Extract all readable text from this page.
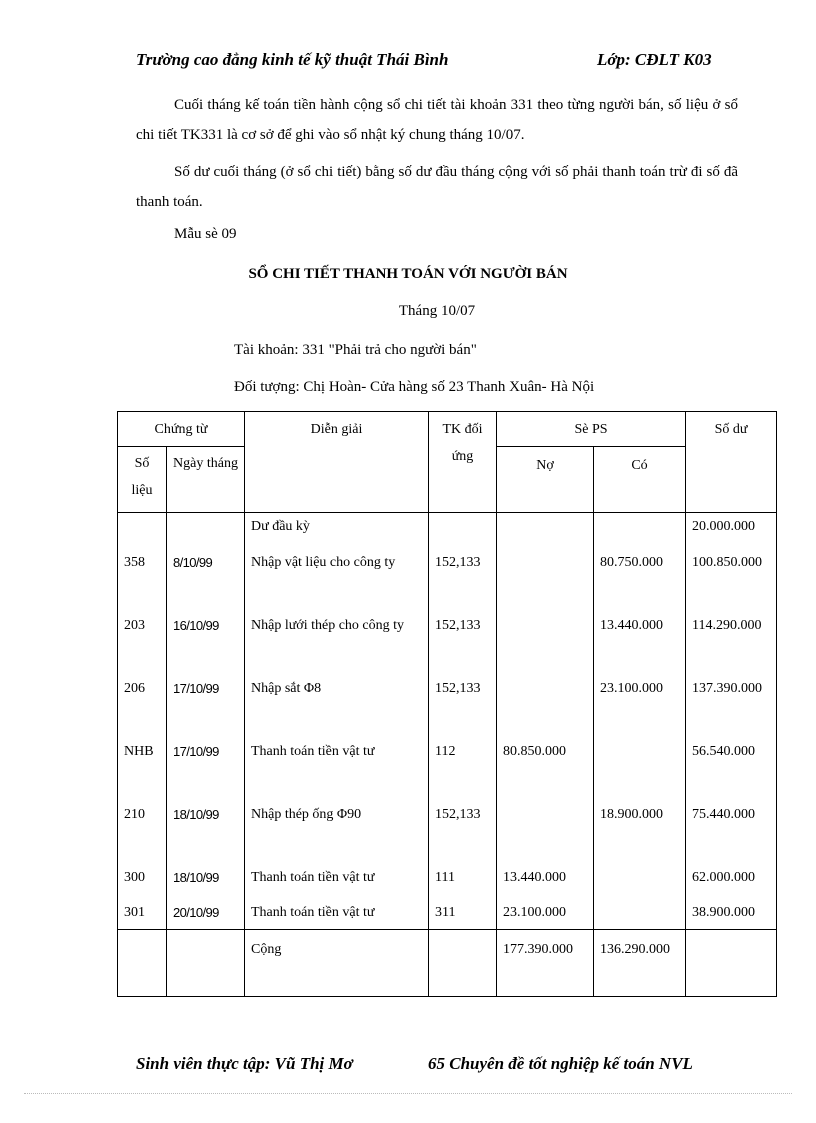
Trường cao đẳng kinh tế kỹ thuật Thái Bình	Lớp: CĐLT K03
Cuối tháng kế toán tiền hành cộng sổ chi tiết tài khoản 331 theo từng người bán, số liệu ở sổ chi tiết TK331 là cơ sở để ghi vào sổ nhật ký chung tháng 10/07.
Số dư cuối tháng (ở sổ chi tiết) bằng số dư đầu tháng cộng với số phải thanh toán trừ đi số đã thanh toán.
Mẫu sè 09
SỔ CHI TIẾT THANH TOÁN VỚI NGƯỜI BÁN
Tháng 10/07
Tài khoản: 331 "Phải trả cho người bán"
Đối tượng: Chị Hoàn- Cửa hàng số 23 Thanh Xuân- Hà Nội
Chứng từ		Diễn giải	TK đối ứng	Sè PS		Số dư
Số liệu	Ngày tháng			Nợ	Có	
		Dư đầu kỳ				20.000.000
358	8/10/99	Nhập vật liệu cho công ty	152,133		80.750.000	100.850.000
203	16/10/99	Nhập lưới thép cho công ty	152,133		13.440.000	114.290.000
206	17/10/99	Nhập sắt Φ8	152,133		23.100.000	137.390.000
NHB	17/10/99	Thanh toán tiền vật tư	112	80.850.000		56.540.000
210	18/10/99	Nhập thép ống Φ90	152,133		18.900.000	75.440.000
300	18/10/99	Thanh toán tiền vật tư	111	13.440.000		62.000.000
301	20/10/99	Thanh toán tiền vật tư	311	23.100.000		38.900.000
		Cộng		177.390.000	136.290.000	
Sinh viên thực tập: Vũ Thị Mơ	65 Chuyên đề tốt nghiệp kế toán NVL
